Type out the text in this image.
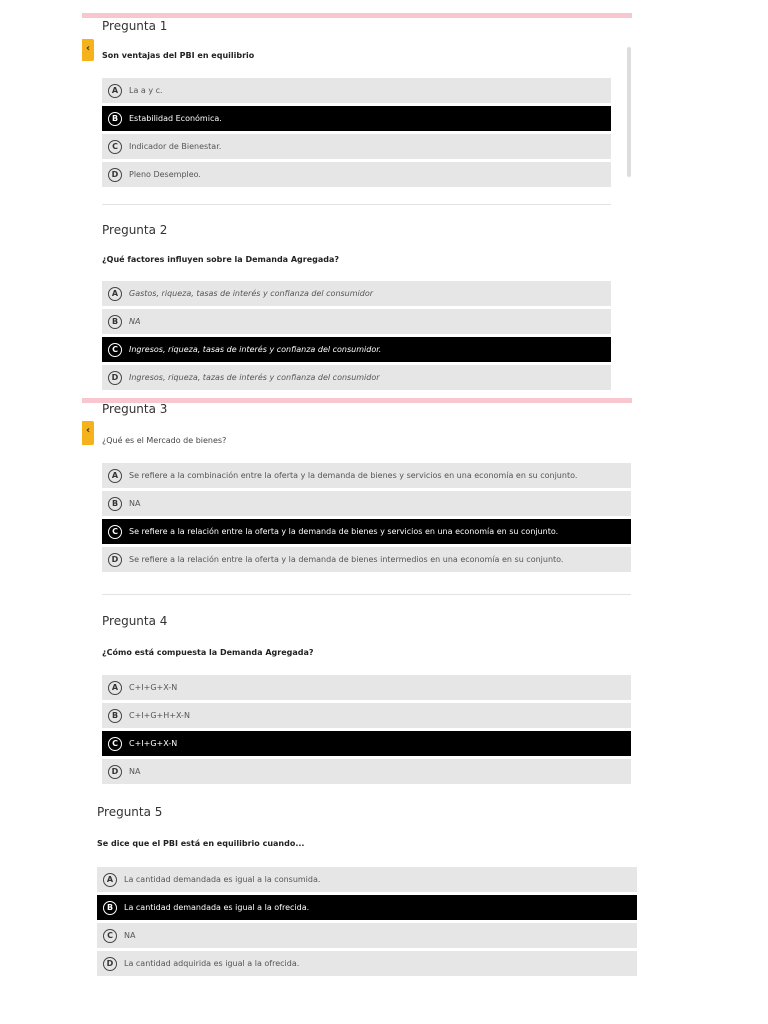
‹
Pregunta 1
Son ventajas del PBI en equilibrio
A	La a y c.
B	Estabilidad Económica.
C	Indicador de Bienestar.
D	Pleno Desempleo.
Pregunta 2
¿Qué factores influyen sobre la Demanda Agregada?
A	Gastos, riqueza, tasas de interés y confianza del consumidor
B	NA
C	Ingresos, riqueza, tasas de interés y confianza del consumidor.
D	Ingresos, riqueza, tazas de interés y confianza del consumidor
‹
Pregunta 3
¿Qué es el Mercado de bienes?
A	Se refiere a la combinación entre la oferta y la demanda de bienes y servicios en una economía en su conjunto.
B	NA
C	Se refiere a la relación entre la oferta y la demanda de bienes y servicios en una economía en su conjunto.
D	Se refiere a la relación entre la oferta y la demanda de bienes intermedios en una economía en su conjunto.
Pregunta 4
¿Cómo está compuesta la Demanda Agregada?
A	C+I+G+X-N
B	C+I+G+H+X-N
C	C+I+G+X-N
D	NA
Pregunta 5
Se dice que el PBI está en equilibrio cuando...
A	La cantidad demandada es igual a la consumida.
B	La cantidad demandada es igual a la ofrecida.
C	NA
D	La cantidad adquirida es igual a la ofrecida.
